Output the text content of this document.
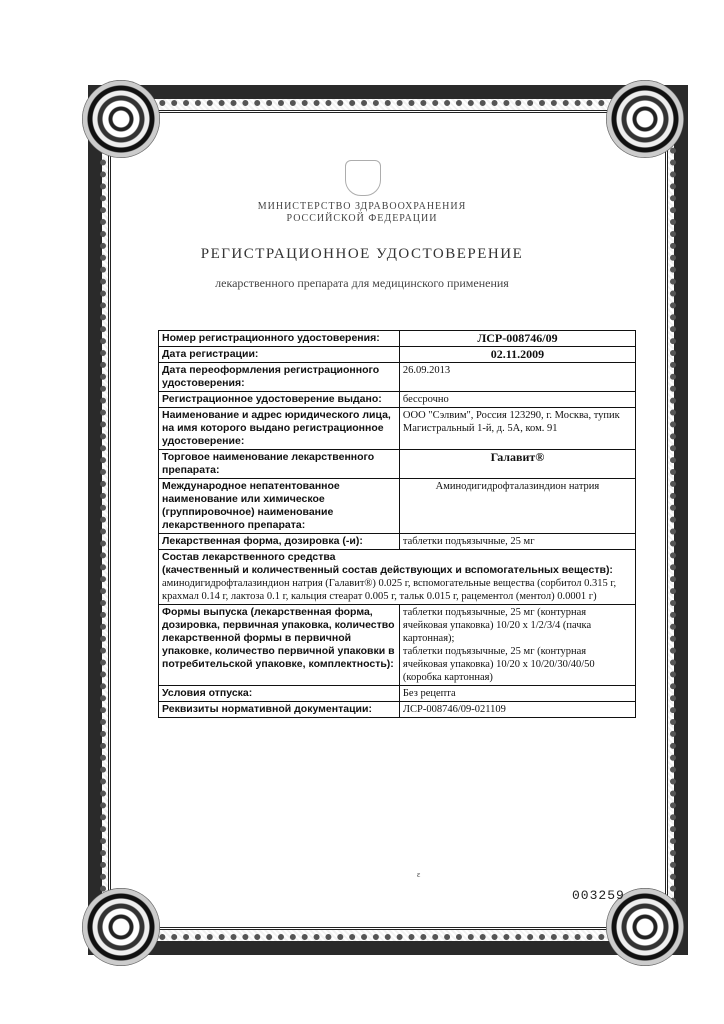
МИНИСТЕРСТВО ЗДРАВООХРАНЕНИЯ
РОССИЙСКОЙ ФЕДЕРАЦИИ
РЕГИСТРАЦИОННОЕ УДОСТОВЕРЕНИЕ
лекарственного препарата для медицинского применения
Номер регистрационного удостоверения:	ЛСР-008746/09
Дата регистрации:	02.11.2009
Дата переоформления регистрационного удостоверения:	26.09.2013
Регистрационное удостоверение выдано:	бессрочно
Наименование и адрес юридического лица, на имя которого выдано регистрационное удостоверение:	ООО "Сэлвим", Россия 123290, г. Москва, тупик Магистральный 1-й, д. 5А, ком. 91
Торговое наименование лекарственного препарата:	Галавит®
Международное непатентованное наименование или химическое (группировочное) наименование лекарственного препарата:	Аминодигидрофталазиндион натрия
Лекарственная форма, дозировка (-и):	таблетки подъязычные, 25 мг

Состав лекарственного средства
(качественный и количественный состав действующих и вспомогательных веществ):
аминодигидрофталазиндион натрия (Галавит®) 0.025 г, вспомогательные вещества (сорбитол 0.315 г, крахмал 0.14 г, лактоза 0.1 г, кальция стеарат 0.005 г, тальк 0.015 г, рацементол (ментол) 0.0001 г)	

Формы выпуска (лекарственная форма, дозировка, первичная упаковка, количество лекарственной формы в первичной упаковке, количество первичной упаковки в потребительской упаковке, комплектность):	таблетки подъязычные, 25 мг (контурная ячейковая упаковка) 10/20 х 1/2/3/4 (пачка картонная);
таблетки подъязычные, 25 мг (контурная ячейковая упаковка) 10/20 х 10/20/30/40/50 (коробка картонная)

Условия отпуска:	Без рецепта
Реквизиты нормативной документации:	ЛСР-008746/09-021109
ɛ
003259
